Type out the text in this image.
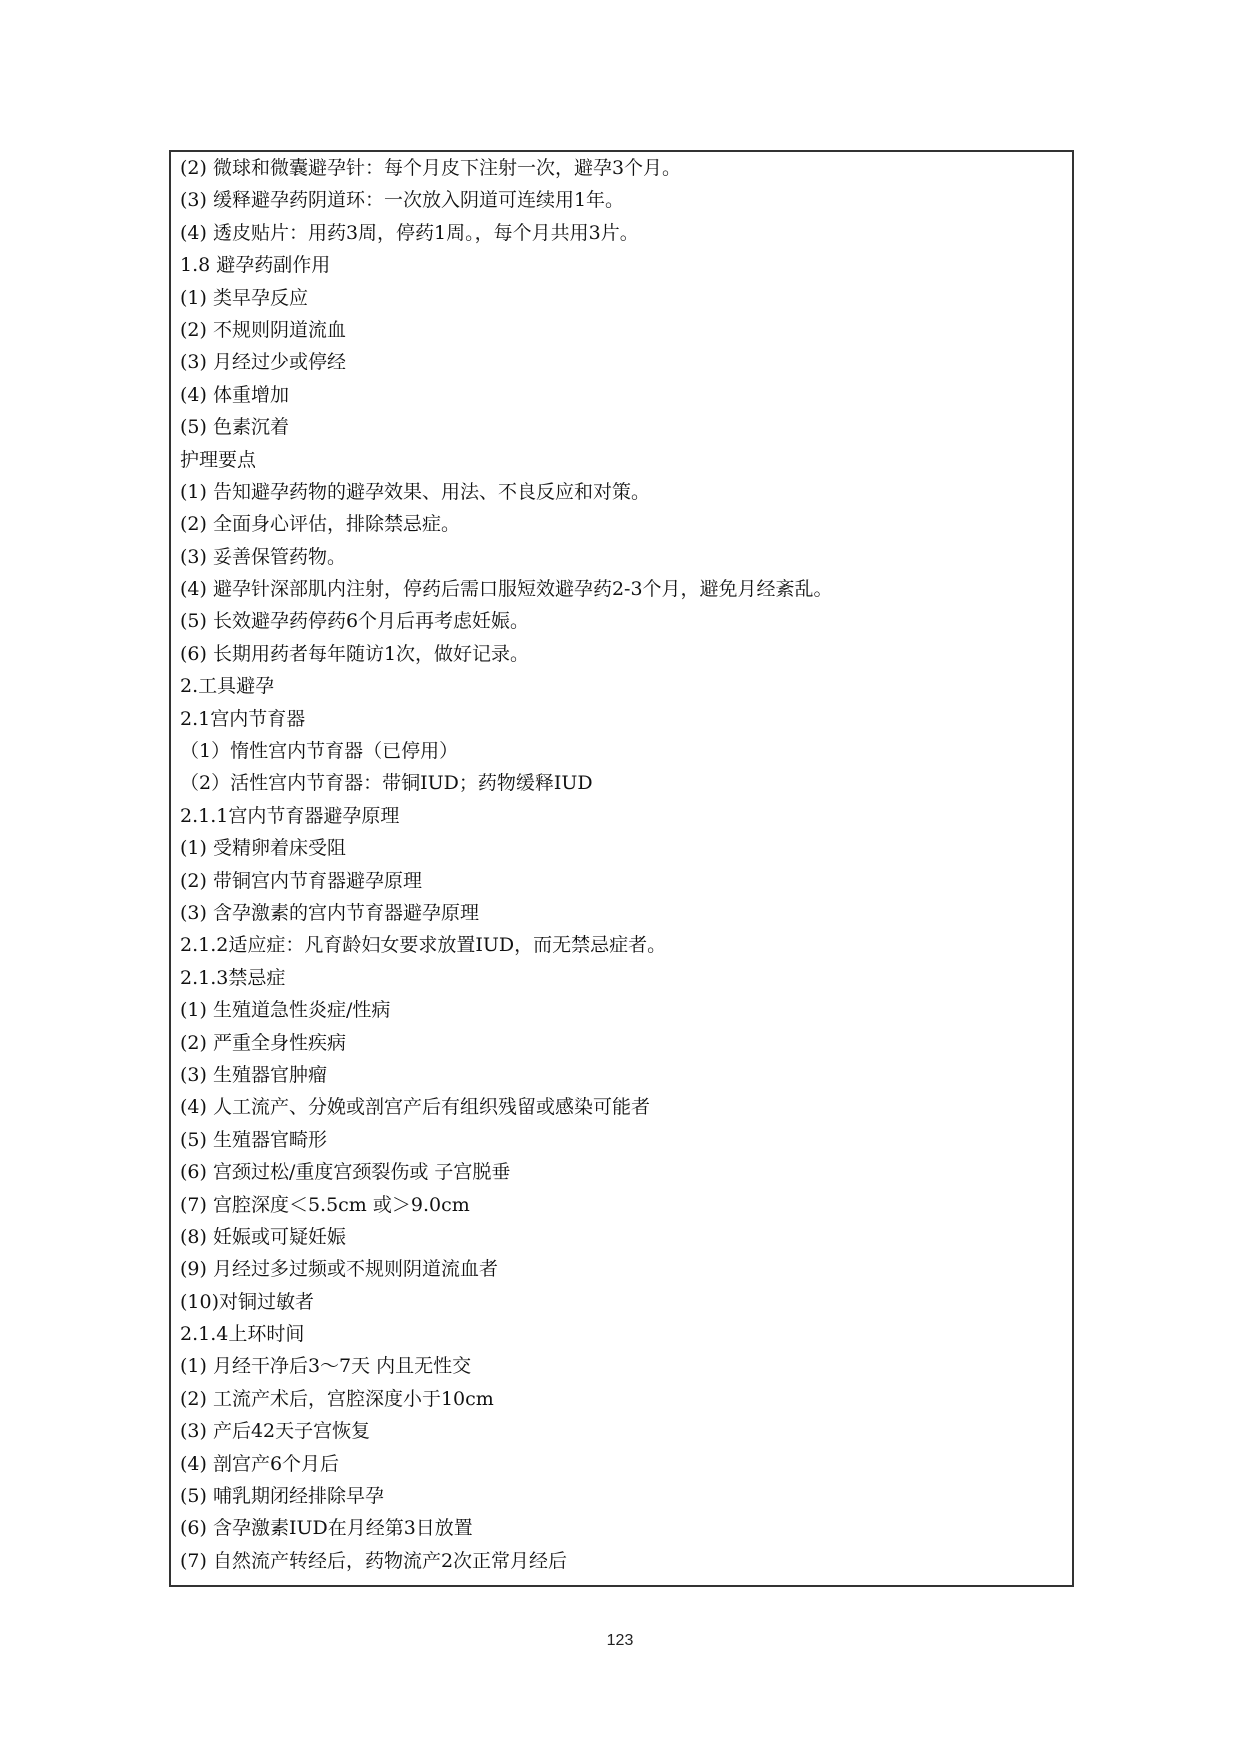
(2) 微球和微囊避孕针：每个月皮下注射一次，避孕3个月。
(3) 缓释避孕药阴道环：一次放入阴道可连续用1年。
(4) 透皮贴片：用药3周，停药1周。，每个月共用3片。
1.8 避孕药副作用
(1) 类早孕反应
(2) 不规则阴道流血
(3) 月经过少或停经
(4) 体重增加
(5) 色素沉着
护理要点
(1) 告知避孕药物的避孕效果、用法、不良反应和对策。
(2) 全面身心评估，排除禁忌症。
(3) 妥善保管药物。
(4) 避孕针深部肌内注射，停药后需口服短效避孕药2-3个月，避免月经紊乱。
(5) 长效避孕药停药6个月后再考虑妊娠。
(6) 长期用药者每年随访1次，做好记录。
2.工具避孕
2.1宫内节育器
（1）惰性宫内节育器（已停用）
（2）活性宫内节育器：带铜IUD；药物缓释IUD
2.1.1宫内节育器避孕原理
(1) 受精卵着床受阻
(2) 带铜宫内节育器避孕原理
(3) 含孕激素的宫内节育器避孕原理
2.1.2适应症：凡育龄妇女要求放置IUD，而无禁忌症者。
2.1.3禁忌症
(1) 生殖道急性炎症/性病
(2) 严重全身性疾病
(3) 生殖器官肿瘤
(4) 人工流产、分娩或剖宫产后有组织残留或感染可能者
(5) 生殖器官畸形
(6) 宫颈过松/重度宫颈裂伤或 子宫脱垂
(7) 宫腔深度＜5.5cm 或＞9.0cm
(8) 妊娠或可疑妊娠
(9) 月经过多过频或不规则阴道流血者
(10)对铜过敏者
2.1.4上环时间
(1) 月经干净后3～7天 内且无性交
(2) 工流产术后，宫腔深度小于10cm
(3) 产后42天子宫恢复
(4) 剖宫产6个月后
(5) 哺乳期闭经排除早孕
(6) 含孕激素IUD在月经第3日放置
(7) 自然流产转经后，药物流产2次正常月经后
123
